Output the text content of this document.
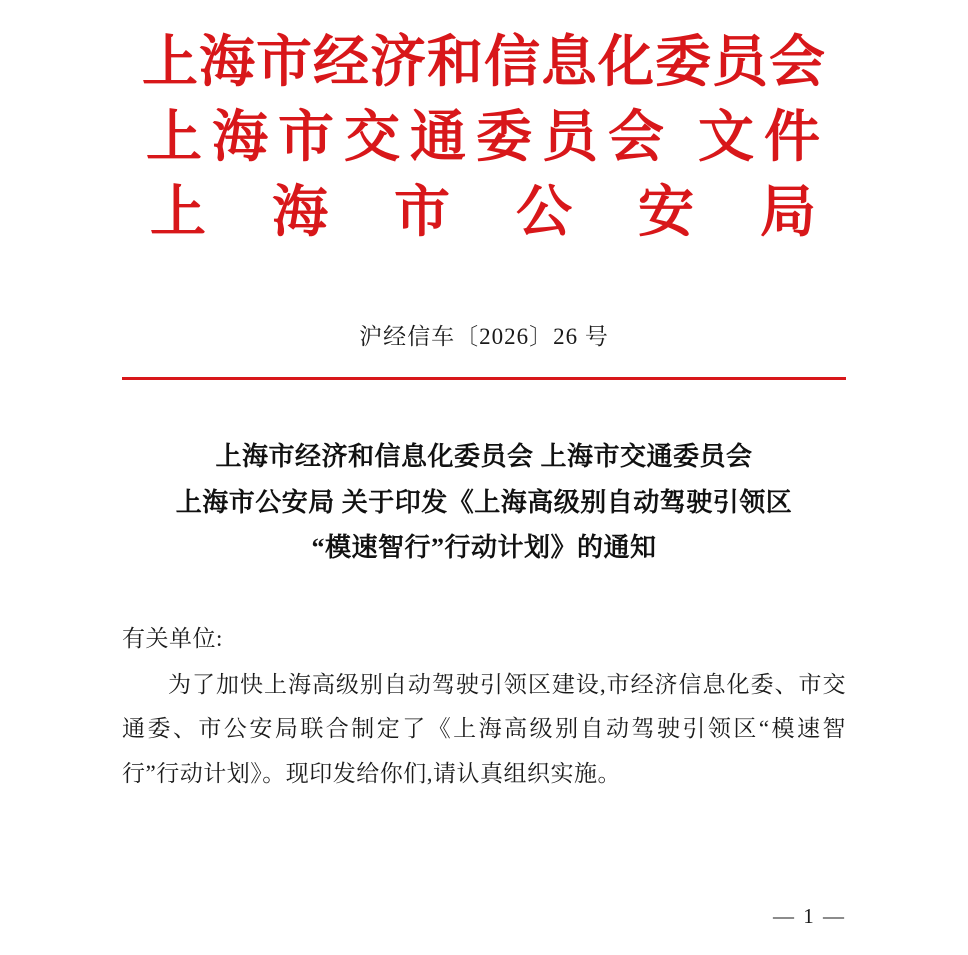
上海市经济和信息化委员会
上海市交通委员会 文件
上 海 市 公 安 局
沪经信车〔2026〕26 号
上海市经济和信息化委员会 上海市交通委员会
上海市公安局 关于印发《上海高级别自动驾驶引领区
“模速智行”行动计划》的通知
有关单位:
为了加快上海高级别自动驾驶引领区建设,市经济信息化委、市交通委、市公安局联合制定了《上海高级别自动驾驶引领区“模速智行”行动计划》。现印发给你们,请认真组织实施。
— 1 —
